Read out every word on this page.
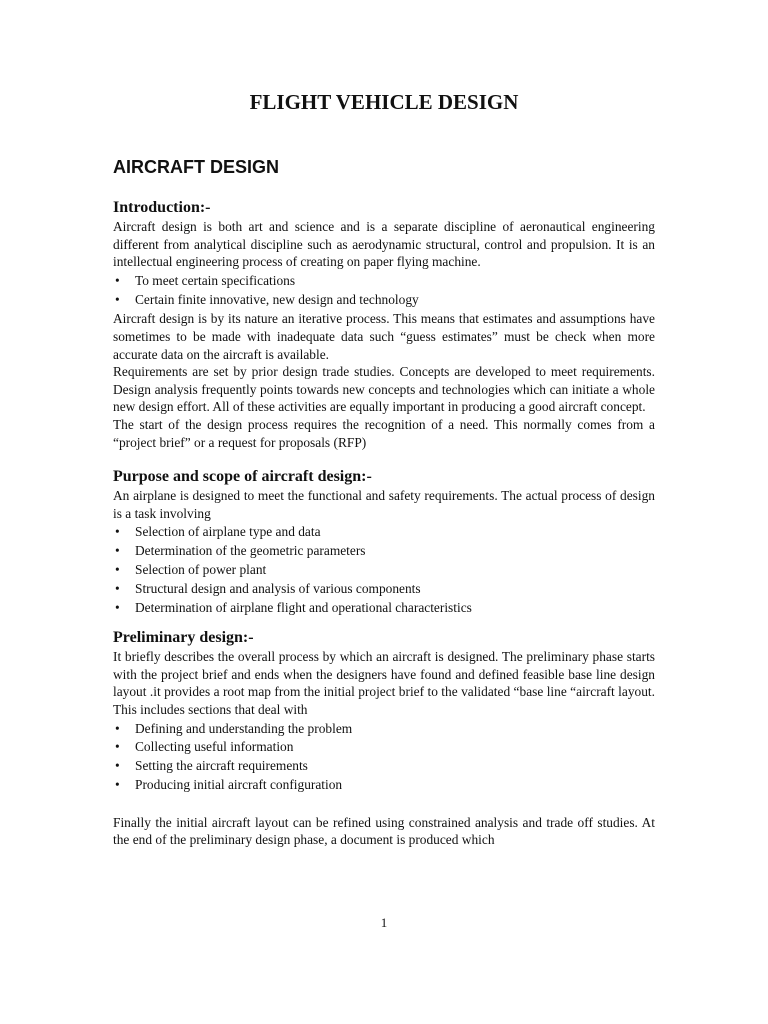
FLIGHT VEHICLE DESIGN
AIRCRAFT DESIGN
Introduction:-

Aircraft design is both art and science and is a separate discipline of aeronautical engineering different from analytical discipline such as aerodynamic structural, control and propulsion. It is an intellectual engineering process of creating on paper flying machine.

• To meet certain specifications
• Certain finite innovative, new design and technology

Aircraft design is by its nature an iterative process. This means that estimates and assumptions have sometimes to be made with inadequate data such “guess estimates” must be check when more accurate data on the aircraft is available.

Requirements are set by prior design trade studies. Concepts are developed to meet requirements. Design analysis frequently points towards new concepts and technologies which can initiate a whole new design effort. All of these activities are equally important in producing a good aircraft concept.

The start of the design process requires the recognition of a need. This normally comes from a “project brief” or a request for proposals (RFP)

Purpose and scope of aircraft design:-

An airplane is designed to meet the functional and safety requirements. The actual process of design is a task involving

• Selection of airplane type and data
• Determination of the geometric parameters
• Selection of power plant
• Structural design and analysis of various components
• Determination of airplane flight and operational characteristics
Preliminary design:-

It briefly describes the overall process by which an aircraft is designed. The preliminary phase starts with the project brief and ends when the designers have found and defined feasible base line design layout .it provides a root map from the initial project brief to the validated “base line “aircraft layout. This includes sections that deal with

• Defining and understanding the problem
• Collecting useful information
• Setting the aircraft requirements
• Producing initial aircraft configuration

Finally the initial aircraft layout can be refined using constrained analysis and trade off studies. At the end of the preliminary design phase, a document is produced which

1
